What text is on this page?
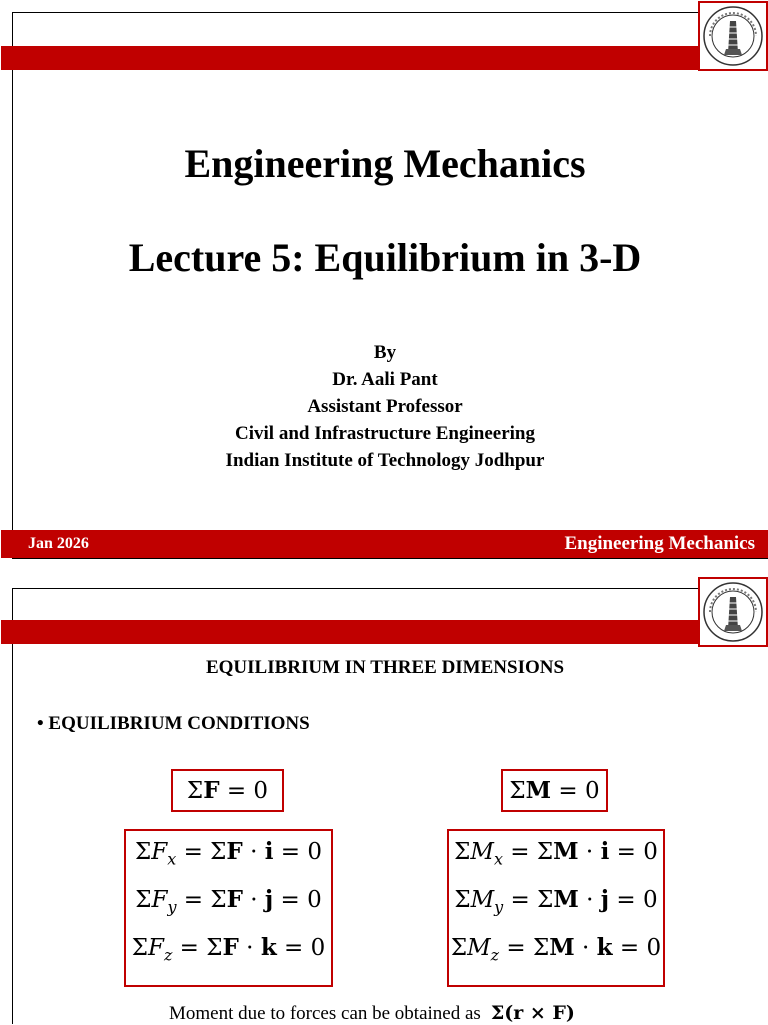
Engineering Mechanics
Lecture 5: Equilibrium in 3-D
By
Dr. Aali Pant
Assistant Professor
Civil and Infrastructure Engineering
Indian Institute of Technology Jodhpur
Jan 2026	Engineering Mechanics
EQUILIBRIUM IN THREE DIMENSIONS
• EQUILIBRIUM CONDITIONS
ΣF = 0	ΣM = 0
$\Sigma F_x = \Sigma F \cdot i = 0$
$\Sigma F_y = \Sigma F \cdot j = 0$
$\Sigma F_z = \Sigma F \cdot k = 0$
$\Sigma M_x = \Sigma M \cdot i = 0$
$\Sigma M_y = \Sigma M \cdot j = 0$
$\Sigma M_z = \Sigma M \cdot k = 0$
Moment due to forces can be obtained as Σ(r × F)
